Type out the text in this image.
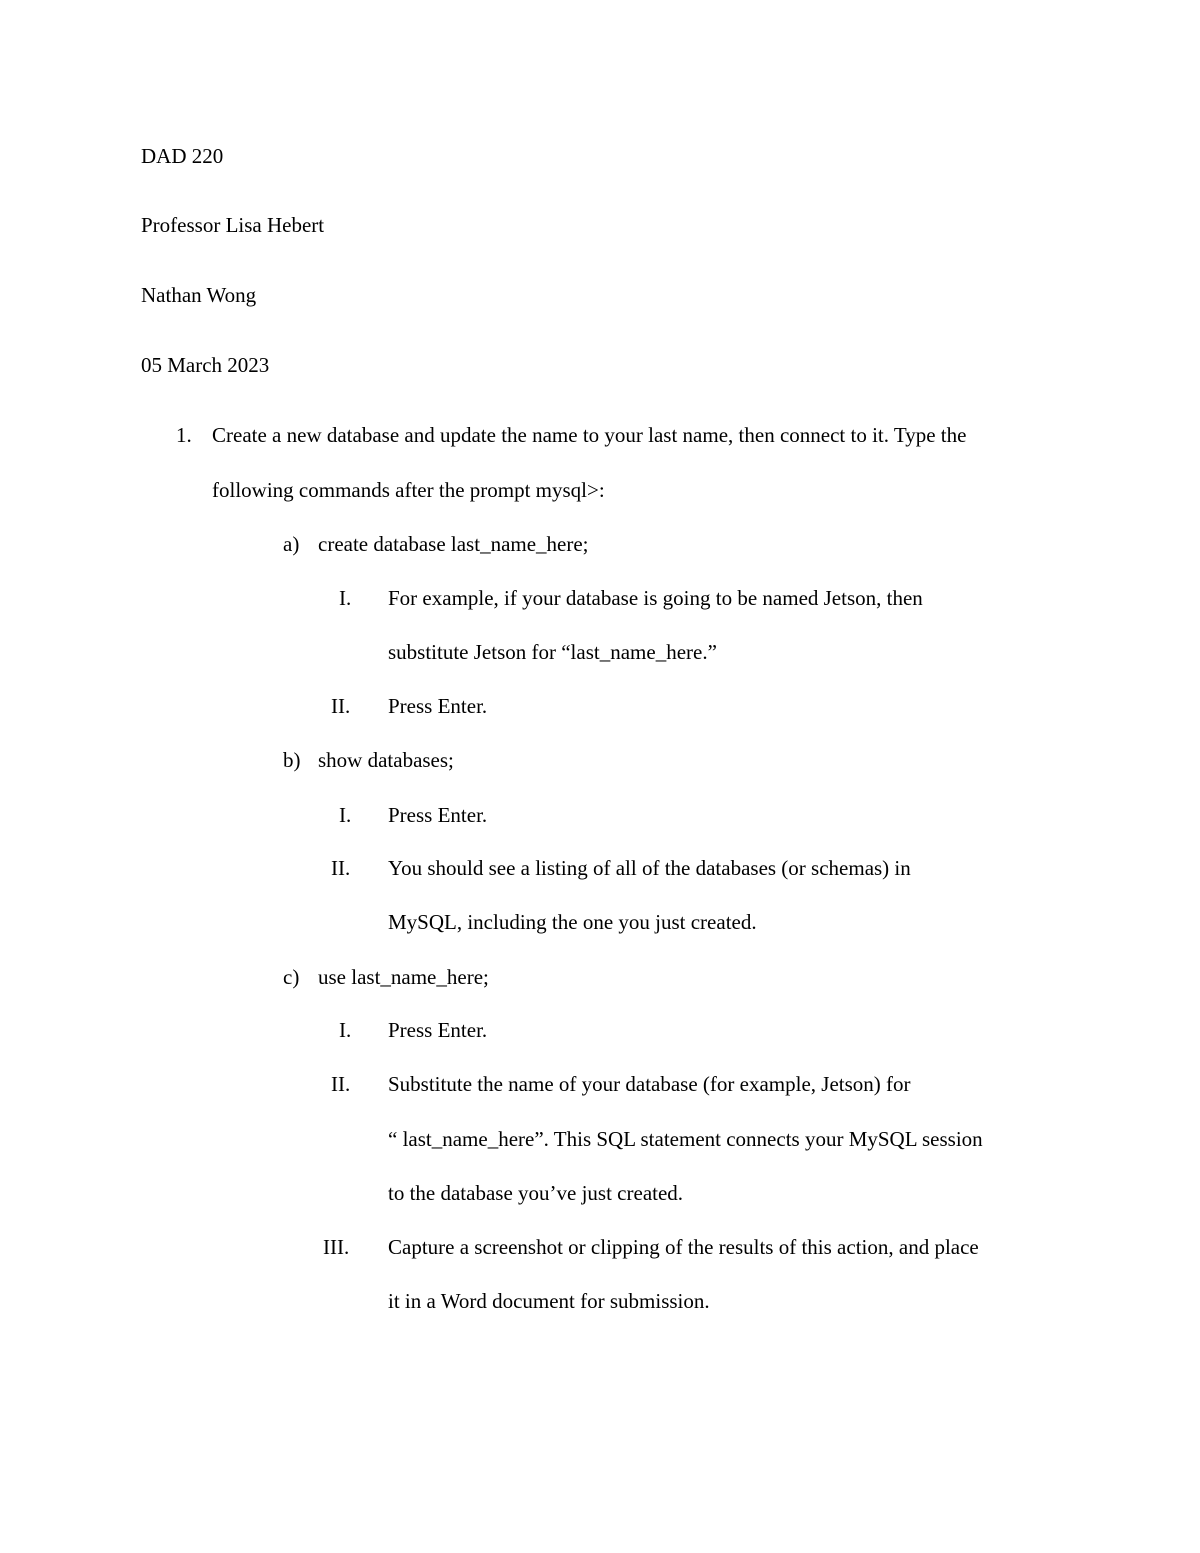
DAD 220
Professor Lisa Hebert
Nathan Wong
05 March 2023
1. Create a new database and update the name to your last name, then connect to it. Type the
following commands after the prompt mysql>:
a) create database last_name_here;
I. For example, if your database is going to be named Jetson, then
substitute Jetson for “last_name_here.”
II. Press Enter.
b) show databases;
I. Press Enter.
II. You should see a listing of all of the databases (or schemas) in
MySQL, including the one you just created.
c) use last_name_here;
I. Press Enter.
II. Substitute the name of your database (for example, Jetson) for
“ last_name_here”. This SQL statement connects your MySQL session
to the database you’ve just created.
III. Capture a screenshot or clipping of the results of this action, and place
it in a Word document for submission.
